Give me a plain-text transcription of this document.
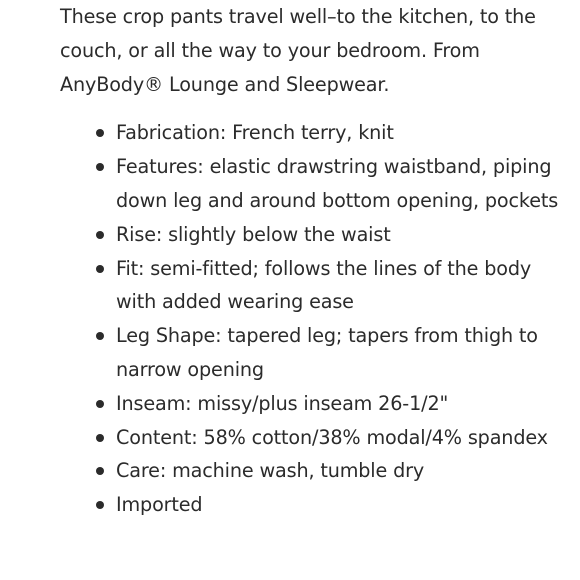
These crop pants travel well–to the kitchen, to the couch, or all the way to your bedroom. From AnyBody® Lounge and Sleepwear.

Fabrication: French terry, knit
Features: elastic drawstring waistband, piping down leg and around bottom opening, pockets
Rise: slightly below the waist
Fit: semi-fitted; follows the lines of the body with added wearing ease
Leg Shape: tapered leg; tapers from thigh to narrow opening
Inseam: missy/plus inseam 26-1/2"
Content: 58% cotton/38% modal/4% spandex
Care: machine wash, tumble dry
Imported
